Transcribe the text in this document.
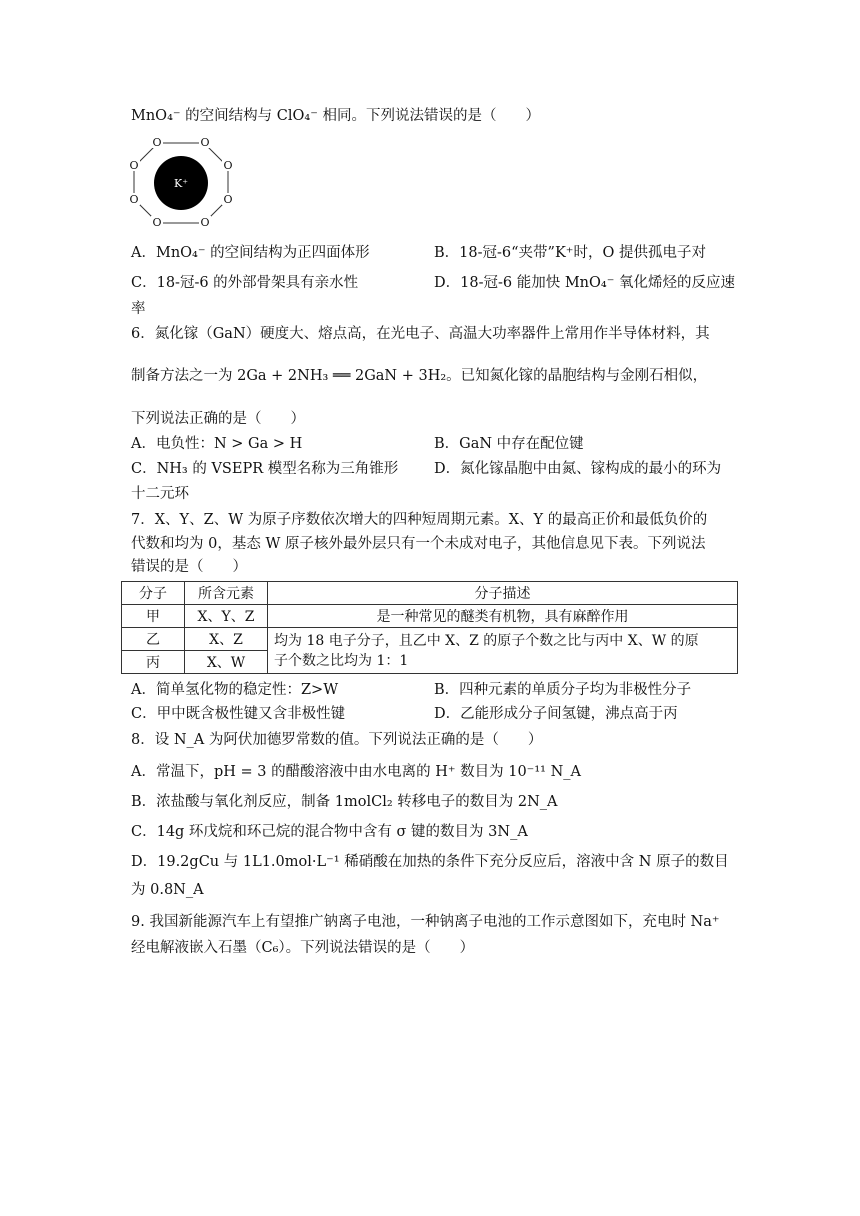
MnO₄⁻ 的空间结构与 ClO₄⁻ 相同。下列说法错误的是（　　）
K⁺
O	O
O	O
O	O
O	O
A．MnO₄⁻ 的空间结构为正四面体形	B．18-冠-6“夹带”K⁺时，O 提供孤电子对
C．18-冠-6 的外部骨架具有亲水性	D．18-冠-6 能加快 MnO₄⁻ 氧化烯烃的反应速
率
6．氮化镓（GaN）硬度大、熔点高，在光电子、高温大功率器件上常用作半导体材料，其
制备方法之一为 2Ga + 2NH₃ ══ 2GaN + 3H₂。已知氮化镓的晶胞结构与金刚石相似，
下列说法正确的是（　　）
A．电负性：N > Ga > H	B．GaN 中存在配位键
C．NH₃ 的 VSEPR 模型名称为三角锥形 D．氮化镓晶胞中由氮、镓构成的最小的环为
十二元环
7．X、Y、Z、W 为原子序数依次增大的四种短周期元素。X、Y 的最高正价和最低负价的
代数和均为 0，基态 W 原子核外最外层只有一个未成对电子，其他信息见下表。下列说法
错误的是（　　）
分子	所含元素	分子描述
甲	X、Y、Z	是一种常见的醚类有机物，具有麻醉作用
乙	X、Z	均为 18 电子分子，且乙中 X、Z 的原子个数之比与丙中 X、W 的原
子个数之比均为 1：1

丙	X、W	
A．简单氢化物的稳定性：Z>W	B．四种元素的单质分子均为非极性分子
C．甲中既含极性键又含非极性键	D．乙能形成分子间氢键，沸点高于丙
8．设 N_A 为阿伏加德罗常数的值。下列说法正确的是（　　）
A．常温下，pH = 3 的醋酸溶液中由水电离的 H⁺ 数目为 10⁻¹¹ N_A
B．浓盐酸与氧化剂反应，制备 1molCl₂ 转移电子的数目为 2N_A
C．14g 环戊烷和环己烷的混合物中含有 σ 键的数目为 3N_A
D．19.2gCu 与 1L1.0mol·L⁻¹ 稀硝酸在加热的条件下充分反应后，溶液中含 N 原子的数目
为 0.8N_A
9. 我国新能源汽车上有望推广钠离子电池，一种钠离子电池的工作示意图如下，充电时 Na⁺
经电解液嵌入石墨（C₆）。下列说法错误的是（　　）
